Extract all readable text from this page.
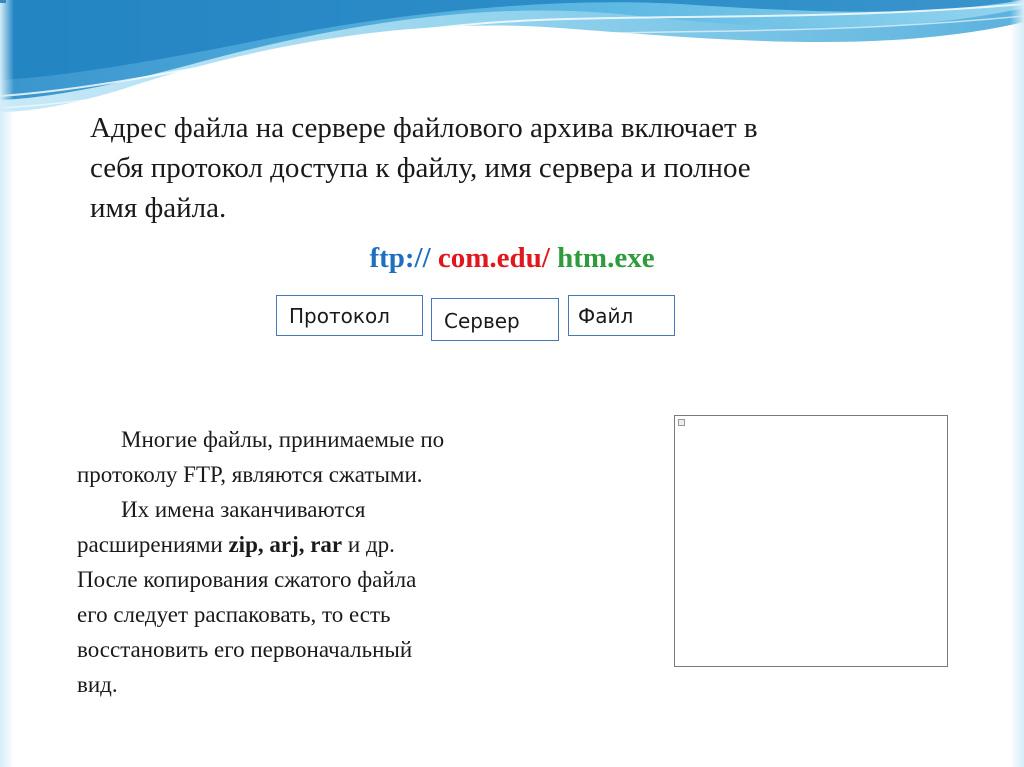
Адрес файла на сервере файлового архива включает в
себя протокол доступа к файлу, имя сервера и полное
имя файла.

ftp:// com.edu/ htm.exe
Протокол	Сервер	Файл

Многие файлы, принимаемые по
протоколу FTP, являются сжатыми.
Их имена заканчиваются
расширениями zip, arj, rar и др.
После копирования сжатого файла
его следует распаковать, то есть
восстановить его первоначальный
вид.
